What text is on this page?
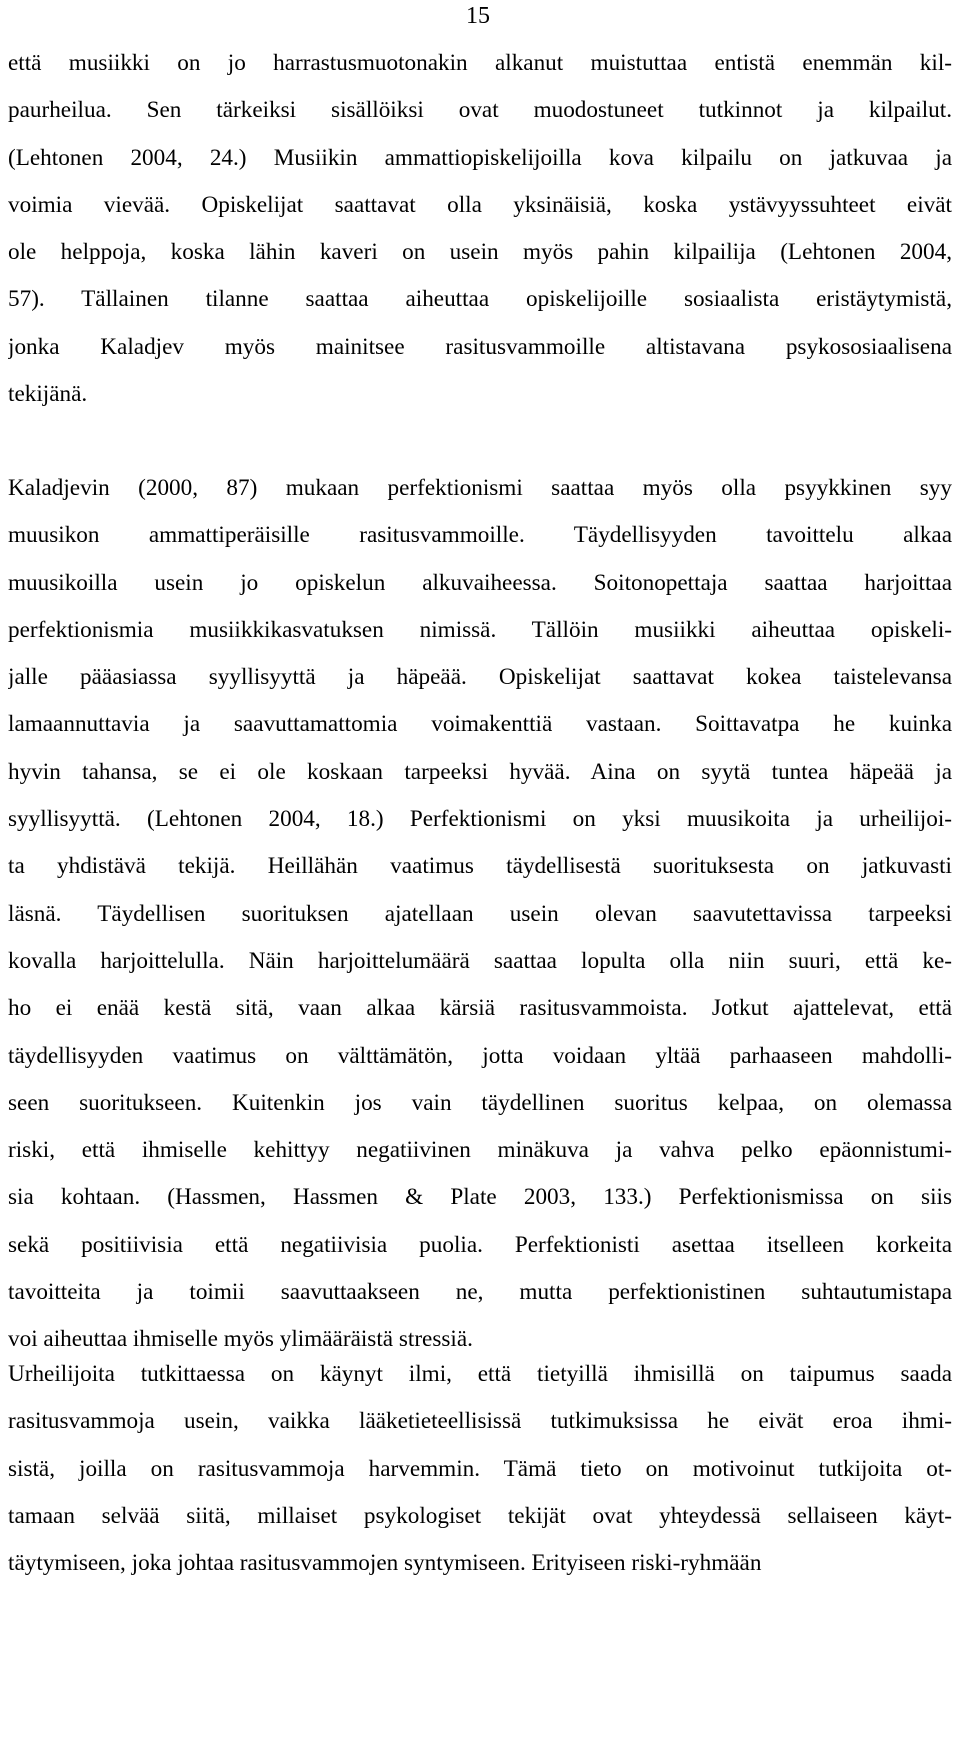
15
että musiikki on jo harrastusmuotonakin alkanut muistuttaa entistä enemmän kil-
paurheilua. Sen tärkeiksi sisällöiksi ovat muodostuneet tutkinnot ja kilpailut.
(Lehtonen 2004, 24.) Musiikin ammattiopiskelijoilla kova kilpailu on jatkuvaa ja
voimia vievää. Opiskelijat saattavat olla yksinäisiä, koska ystävyyssuhteet eivät
ole helppoja, koska lähin kaveri on usein myös pahin kilpailija (Lehtonen 2004,
57). Tällainen tilanne saattaa aiheuttaa opiskelijoille sosiaalista eristäytymistä,
jonka Kaladjev myös mainitsee rasitusvammoille altistavana psykososiaalisena
tekijänä.
Kaladjevin (2000, 87) mukaan perfektionismi saattaa myös olla psyykkinen syy
muusikon ammattiperäisille rasitusvammoille. Täydellisyyden tavoittelu alkaa
muusikoilla usein jo opiskelun alkuvaiheessa. Soitonopettaja saattaa harjoittaa
perfektionismia musiikkikasvatuksen nimissä. Tällöin musiikki aiheuttaa opiskeli-
jalle pääasiassa syyllisyyttä ja häpeää. Opiskelijat saattavat kokea taistelevansa
lamaannuttavia ja saavuttamattomia voimakenttiä vastaan. Soittavatpa he kuinka
hyvin tahansa, se ei ole koskaan tarpeeksi hyvää. Aina on syytä tuntea häpeää ja
syyllisyyttä. (Lehtonen 2004, 18.) Perfektionismi on yksi muusikoita ja urheilijoi-
ta yhdistävä tekijä. Heillähän vaatimus täydellisestä suorituksesta on jatkuvasti
läsnä. Täydellisen suorituksen ajatellaan usein olevan saavutettavissa tarpeeksi
kovalla harjoittelulla. Näin harjoittelumäärä saattaa lopulta olla niin suuri, että ke-
ho ei enää kestä sitä, vaan alkaa kärsiä rasitusvammoista. Jotkut ajattelevat, että
täydellisyyden vaatimus on välttämätön, jotta voidaan yltää parhaaseen mahdolli-
seen suoritukseen. Kuitenkin jos vain täydellinen suoritus kelpaa, on olemassa
riski, että ihmiselle kehittyy negatiivinen minäkuva ja vahva pelko epäonnistumi-
sia kohtaan. (Hassmen, Hassmen & Plate 2003, 133.) Perfektionismissa on siis
sekä positiivisia että negatiivisia puolia. Perfektionisti asettaa itselleen korkeita
tavoitteita ja toimii saavuttaakseen ne, mutta perfektionistinen suhtautumistapa
voi aiheuttaa ihmiselle myös ylimääräistä stressiä.
Urheilijoita tutkittaessa on käynyt ilmi, että tietyillä ihmisillä on taipumus saada
rasitusvammoja usein, vaikka lääketieteellisissä tutkimuksissa he eivät eroa ihmi-
sistä, joilla on rasitusvammoja harvemmin. Tämä tieto on motivoinut tutkijoita ot-
tamaan selvää siitä, millaiset psykologiset tekijät ovat yhteydessä sellaiseen käyt-
täytymiseen, joka johtaa rasitusvammojen syntymiseen. Erityiseen riski-ryhmään
